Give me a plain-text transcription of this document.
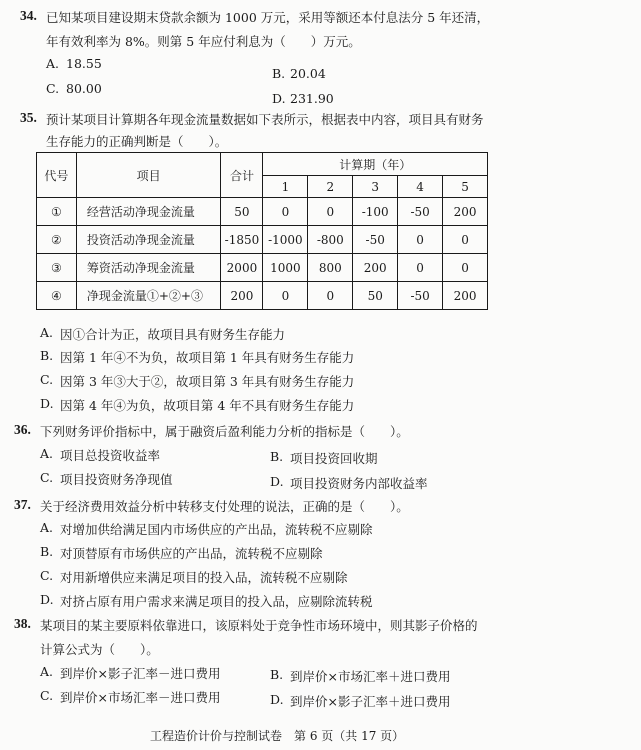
34. 已知某项目建设期末贷款余额为 1000 万元，采用等额还本付息法分 5 年还清，
年有效利率为 8%。则第 5 年应付利息为（　　）万元。
A. 18.55
B. 20.04
C. 80.00
D. 231.90
35. 预计某项目计算期各年现金流量数据如下表所示，根据表中内容，项目具有财务
生存能力的正确判断是（　　）。
代号	项目	合计	计算期（年）				
			1	2	3	4	5
①	经营活动净现金流量	50	0	0	-100	-50	200
②	投资活动净现金流量	-1850	-1000	-800	-50	0	0
③	筹资活动净现金流量	2000	1000	800	200	0	0
④	净现金流量①+②+③	200	0	0	50	-50	200
A. 因①合计为正，故项目具有财务生存能力
B. 因第 1 年④不为负，故项目第 1 年具有财务生存能力
C. 因第 3 年③大于②，故项目第 3 年具有财务生存能力
D. 因第 4 年④为负，故项目第 4 年不具有财务生存能力
36. 下列财务评价指标中，属于融资后盈利能力分析的指标是（　　）。
A. 项目总投资收益率	B. 项目投资回收期
C. 项目投资财务净现值	D. 项目投资财务内部收益率
37. 关于经济费用效益分析中转移支付处理的说法，正确的是（　　）。
A. 对增加供给满足国内市场供应的产出品，流转税不应剔除
B. 对顶替原有市场供应的产出品，流转税不应剔除
C. 对用新增供应来满足项目的投入品，流转税不应剔除
D. 对挤占原有用户需求来满足项目的投入品，应剔除流转税
38. 某项目的某主要原料依靠进口，该原料处于竞争性市场环境中，则其影子价格的
计算公式为（　　）。
A. 到岸价×影子汇率－进口费用	B. 到岸价×市场汇率＋进口费用
C. 到岸价×市场汇率－进口费用	D. 到岸价×影子汇率＋进口费用
工程造价计价与控制试卷　第 6 页（共 17 页）
